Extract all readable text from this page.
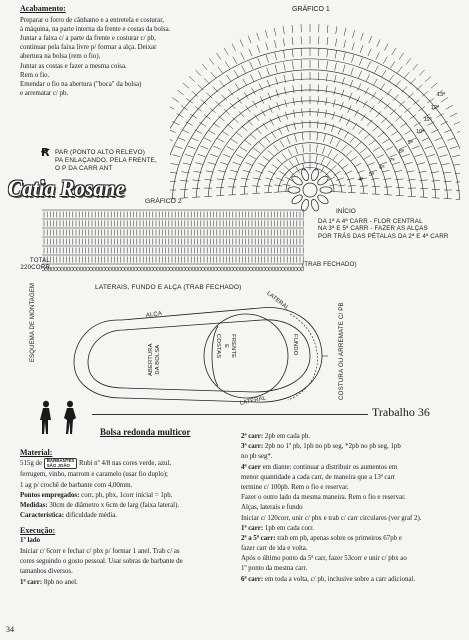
Acabamento:

Preparar o forro de cânhamo e a entretela e costurar,

à máquina, na parte interna da frente e costas da bolsa.

Juntar a faixa c/ a parte da frente e costurar c/ pb,

continuar pela faixa livre p/ formar a alça. Deixar

abertura na bolsa (rem o fio).

Juntar as costas e fazer a mesma coisa.

Rem o fio.

Emendar o fio na abertura ("boca" da bolsa)

e arrematar c/ pb.

GRÁFICO 1
4ª
5ª
6ª
7ª
8ª
9ª
10ª
11ª
12ª
13ª
INÍCIO
DA 1ª A 4ª CARR - FLOR CENTRAL
NA 3ª E 5ª CARR - FAZER AS ALÇAS
POR TRÁS DAS PÉTALAS DA 2ª E 4ª CARR
Ꞧ PAR (PONTO ALTO RELEVO)
PA ENLAÇANDO, PELA FRENTE,
O P DA CARR ANT
Catia Rosane
GRÁFICO 2
TOTAL
220CORR	(TRAB FECHADO)
LATERAIS, FUNDO E ALÇA (TRAB FECHADO)
ESQUEMA DE MONTAGEM	ALÇA
ABERTURA DA BOLSA	FRENTE
E
COSTAS
LATERAL
LATERAL
FUNDO	COSTURA OU ARREMATE C/ PB
Trabalho 36
Bolsa redonda multicor

Material:

515g de BARBANTES
SÃO JOÃO	Rubi nº 4/8 nas cores verde, azul,

ferrugem, vinho, marrom e caramelo (usar fio duplo);

1 ag p/ crochê de barbante com 4,00mm.

Pontos empregados: corr, pb, pbx, 1corr inicial = 1pb.

Medidas: 30cm de diâmetro x 6cm de larg (faixa lateral).

Característica: dificuldade média.

Execução:

1º lado

Iniciar c/ 6corr e fechar c/ pbx p/ formar 1 anel. Trab c/ as

cores seguindo o gosto pessoal. Usar sobras de barbante de

tamanhos diversos.

1ª carr: 8pb no anel.

2ª carr: 2pb em cada pb.

3ª carr: 2pb no 1º pb, 1pb no pb seg, *2pb no pb seg, 1pb

no pb seg*.

4ª carr em diante: continuar a distribuir os aumentos em

menor quantidade a cada carr, de maneira que a 13ª carr

termine c/ 100pb. Rem o fio e reservar.

Fazer o outro lado da mesma maneira. Rem o fio e reservar.

Alças, laterais e fundo

Iniciar c/ 120corr, unir c/ pbx e trab c/ carr circulares (ver graf 2).

1ª carr: 1pb em cada corr.

2ª a 5ª carr: trab em pb, apenas sobre os primeiros 67pb e

fazer carr de ida e volta.

Após o último ponto da 5ª carr, fazer 53corr e unir c/ pbx ao

1º ponto da mesma carr.

6ª carr: em toda a volta, c/ pb, inclusive sobre a carr adicional.

34
